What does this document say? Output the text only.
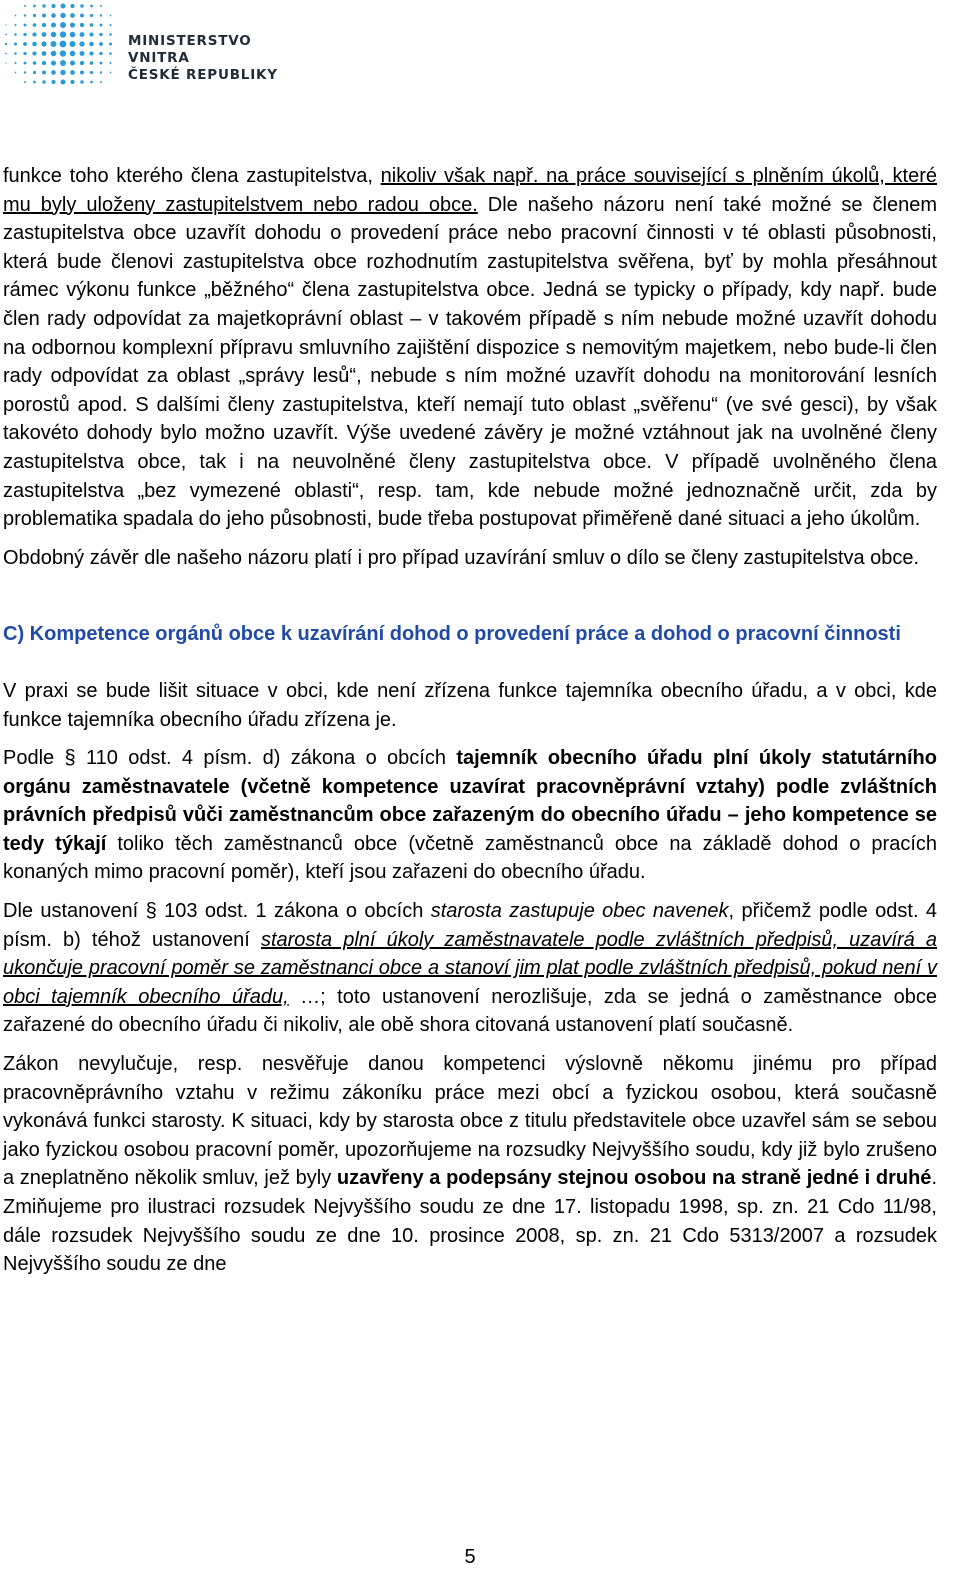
MINISTERSTVO VNITRA
ČESKÉ REPUBLIKY

funkce toho kterého člena zastupitelstva, nikoliv však např. na práce související s plněním úkolů, které mu byly uloženy zastupitelstvem nebo radou obce. Dle našeho názoru není také možné se členem zastupitelstva obce uzavřít dohodu o provedení práce nebo pracovní činnosti v té oblasti působnosti, která bude členovi zastupitelstva obce rozhodnutím zastupitelstva svěřena, byť by mohla přesáhnout rámec výkonu funkce „běžného“ člena zastupitelstva obce. Jedná se typicky o případy, kdy např. bude člen rady odpovídat za majetkoprávní oblast – v takovém případě s ním nebude možné uzavřít dohodu na odbornou komplexní přípravu smluvního zajištění dispozice s nemovitým majetkem, nebo bude-li člen rady odpovídat za oblast „správy lesů“, nebude s ním možné uzavřít dohodu na monitorování lesních porostů apod. S dalšími členy zastupitelstva, kteří nemají tuto oblast „svěřenu“ (ve své gesci), by však takovéto dohody bylo možno uzavřít. Výše uvedené závěry je možné vztáhnout jak na uvolněné členy zastupitelstva obce, tak i na neuvolněné členy zastupitelstva obce. V případě uvolněného člena zastupitelstva „bez vymezené oblasti“, resp. tam, kde nebude možné jednoznačně určit, zda by problematika spadala do jeho působnosti, bude třeba postupovat přiměřeně dané situaci a jeho úkolům.

Obdobný závěr dle našeho názoru platí i pro případ uzavírání smluv o dílo se členy zastupitelstva obce.

C) Kompetence orgánů obce k uzavírání dohod o provedení práce a dohod o pracovní činnosti

V praxi se bude lišit situace v obci, kde není zřízena funkce tajemníka obecního úřadu, a v obci, kde funkce tajemníka obecního úřadu zřízena je.

Podle § 110 odst. 4 písm. d) zákona o obcích tajemník obecního úřadu plní úkoly statutárního orgánu zaměstnavatele (včetně kompetence uzavírat pracovněprávní vztahy) podle zvláštních právních předpisů vůči zaměstnancům obce zařazeným do obecního úřadu – jeho kompetence se tedy týkají toliko těch zaměstnanců obce (včetně zaměstnanců obce na základě dohod o pracích konaných mimo pracovní poměr), kteří jsou zařazeni do obecního úřadu.

Dle ustanovení § 103 odst. 1 zákona o obcích starosta zastupuje obec navenek, přičemž podle odst. 4 písm. b) téhož ustanovení starosta plní úkoly zaměstnavatele podle zvláštních předpisů, uzavírá a ukončuje pracovní poměr se zaměstnanci obce a stanoví jim plat podle zvláštních předpisů, pokud není v obci tajemník obecního úřadu, …; toto ustanovení nerozlišuje, zda se jedná o zaměstnance obce zařazené do obecního úřadu či nikoliv, ale obě shora citovaná ustanovení platí současně.

Zákon nevylučuje, resp. nesvěřuje danou kompetenci výslovně někomu jinému pro případ pracovněprávního vztahu v režimu zákoníku práce mezi obcí a fyzickou osobou, která současně vykonává funkci starosty. K situaci, kdy by starosta obce z titulu představitele obce uzavřel sám se sebou jako fyzickou osobou pracovní poměr, upozorňujeme na rozsudky Nejvyššího soudu, kdy již bylo zrušeno a zneplatněno několik smluv, jež byly uzavřeny a podepsány stejnou osobou na straně jedné i druhé. Zmiňujeme pro ilustraci rozsudek Nejvyššího soudu ze dne 17. listopadu 1998, sp. zn. 21 Cdo 11/98, dále rozsudek Nejvyššího soudu ze dne 10. prosince 2008, sp. zn. 21 Cdo 5313/2007 a rozsudek Nejvyššího soudu ze dne

5
